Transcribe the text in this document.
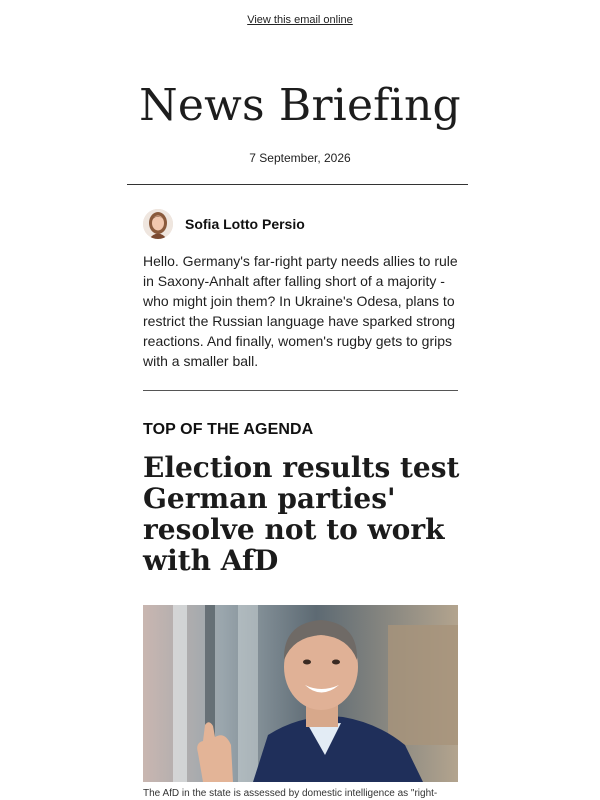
View this email online
News Briefing
7 September, 2026
Sofia Lotto Persio

Hello. Germany's far-right party needs allies to rule in Saxony-Anhalt after falling short of a majority - who might join them? In Ukraine's Odesa, plans to restrict the Russian language have sparked strong reactions. And finally, women's rugby gets to grips with a smaller ball.

TOP OF THE AGENDA
Election results test German parties' resolve not to work with AfD
The AfD in the state is assessed by domestic intelligence as "right-
